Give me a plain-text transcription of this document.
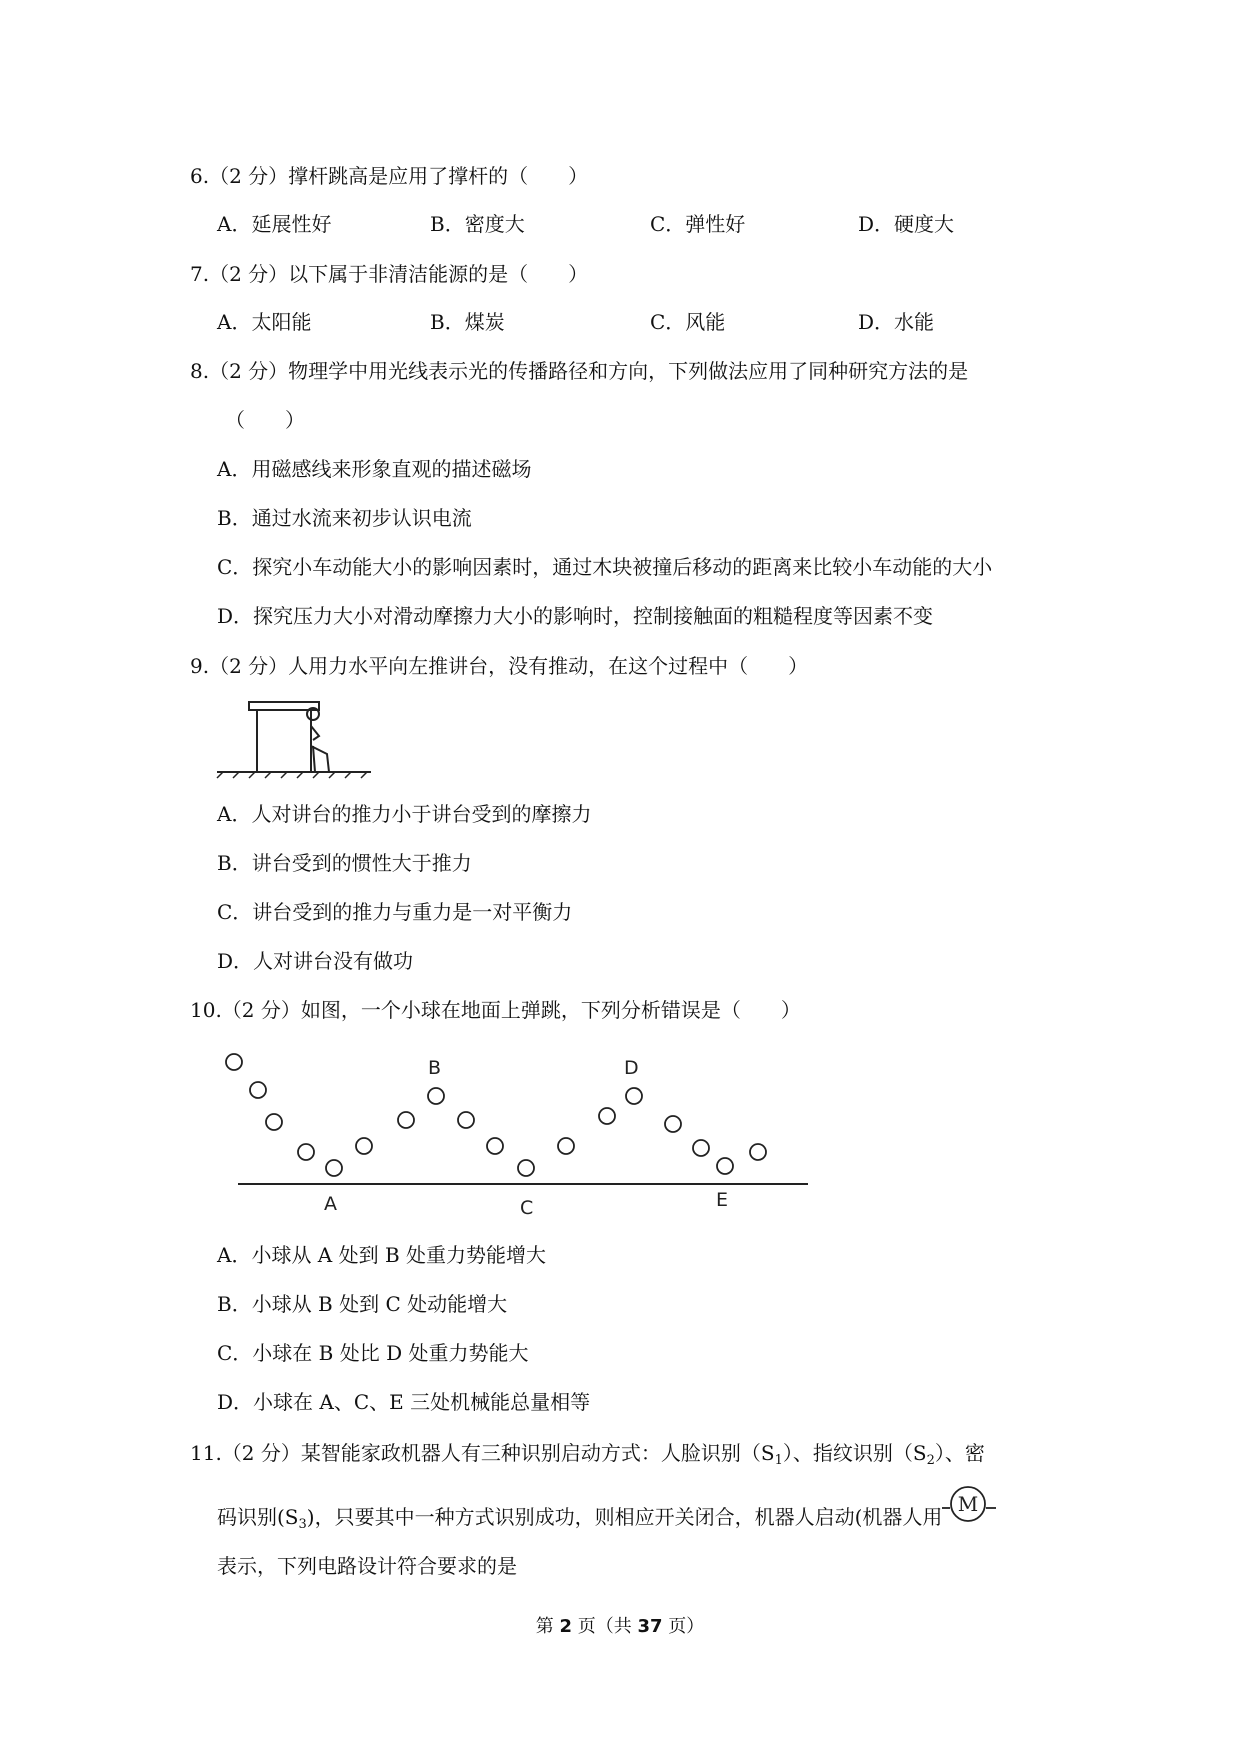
6.（2 分）撑杆跳高是应用了撑杆的（　　）
A．延展性好	B．密度大	C．弹性好	D．硬度大
7.（2 分）以下属于非清洁能源的是（　　）
A．太阳能	B．煤炭	C．风能	D．水能
8.（2 分）物理学中用光线表示光的传播路径和方向，下列做法应用了同种研究方法的是
（　　）
A．用磁感线来形象直观的描述磁场
B．通过水流来初步认识电流
C．探究小车动能大小的影响因素时，通过木块被撞后移动的距离来比较小车动能的大小
D．探究压力大小对滑动摩擦力大小的影响时，控制接触面的粗糙程度等因素不变
9.（2 分）人用力水平向左推讲台，没有推动，在这个过程中（　　）
A．人对讲台的推力小于讲台受到的摩擦力
B．讲台受到的惯性大于推力
C．讲台受到的推力与重力是一对平衡力
D．人对讲台没有做功
10.（2 分）如图，一个小球在地面上弹跳，下列分析错误是（　　）
A
B
C
D
E
A．小球从 A 处到 B 处重力势能增大
B．小球从 B 处到 C 处动能增大
C．小球在 B 处比 D 处重力势能大
D．小球在 A、C、E 三处机械能总量相等
11.（2 分）某智能家政机器人有三种识别启动方式：人脸识别$(S_1)$、指纹识别$(S_2)$、密
码识别$(S_3)$，只要其中一种方式识别成功，则相应开关闭合，机器人启动(机器人用
M
表示，下列电路设计符合要求的是
第 2 页（共 37 页）
